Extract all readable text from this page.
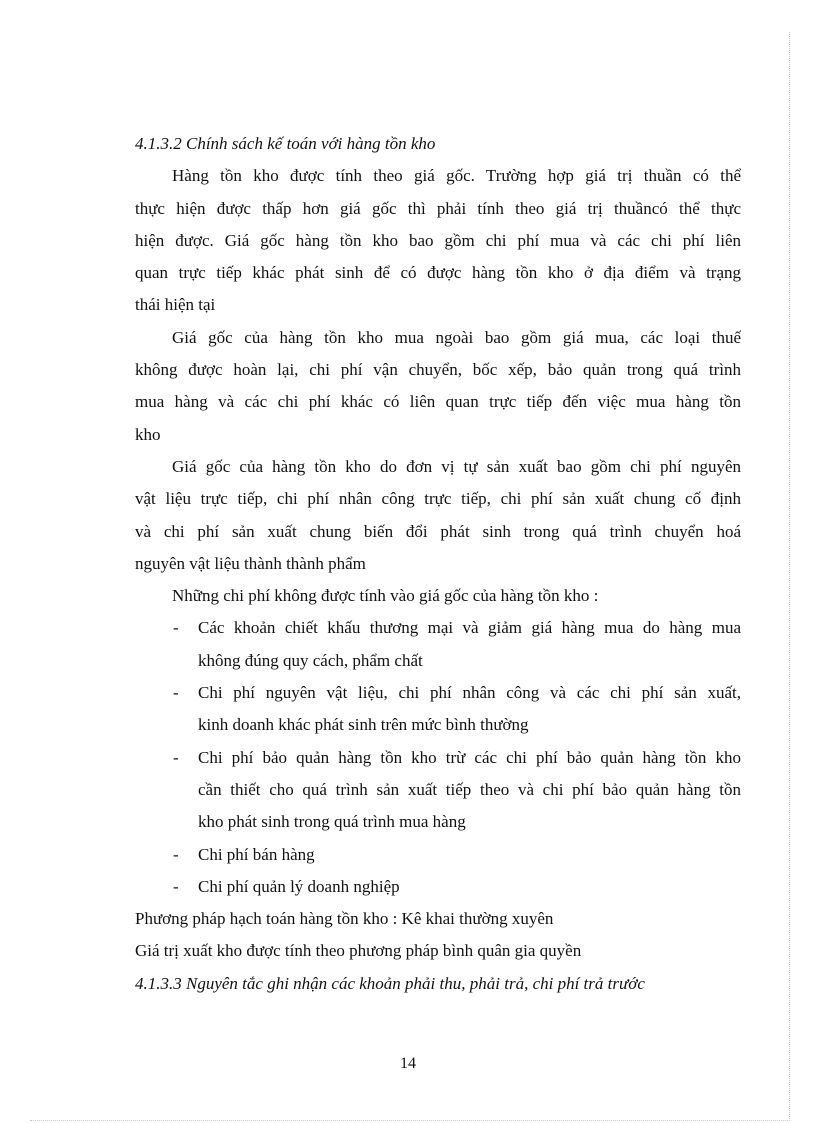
4.1.3.2 Chính sách kế toán với hàng tồn kho
Hàng tồn kho được tính theo giá gốc. Trường hợp giá trị thuần có thể
thực hiện được thấp hơn giá gốc thì phải tính theo giá trị thuầncó thể thực
hiện được. Giá gốc hàng tồn kho bao gồm chi phí mua và các chi phí liên
quan trực tiếp khác phát sinh để có được hàng tồn kho ở địa điểm và trạng
thái hiện tại
Giá gốc của hàng tồn kho mua ngoài bao gồm giá mua, các loại thuế
không được hoàn lại, chi phí vận chuyển, bốc xếp, bảo quản trong quá trình
mua hàng và các chi phí khác có liên quan trực tiếp đến việc mua hàng tồn
kho
Giá gốc của hàng tồn kho do đơn vị tự sản xuất bao gồm chi phí nguyên
vật liệu trực tiếp, chi phí nhân công trực tiếp, chi phí sản xuất chung cố định
và chi phí sản xuất chung biến đổi phát sinh trong quá trình chuyển hoá
nguyên vật liệu thành thành phẩm
Những chi phí không được tính vào giá gốc của hàng tồn kho :
- Các khoản chiết khấu thương mại và giảm giá hàng mua do hàng mua
không đúng quy cách, phẩm chất
- Chi phí nguyên vật liệu, chi phí nhân công và các chi phí sản xuất,
kinh doanh khác phát sinh trên mức bình thường
- Chi phí bảo quản hàng tồn kho trừ các chi phí bảo quản hàng tồn kho
cần thiết cho quá trình sản xuất tiếp theo và chi phí bảo quản hàng tồn
kho phát sinh trong quá trình mua hàng
- Chi phí bán hàng
- Chi phí quản lý doanh nghiệp
Phương pháp hạch toán hàng tồn kho : Kê khai thường xuyên
Giá trị xuất kho được tính theo phương pháp bình quân gia quyền
4.1.3.3 Nguyên tắc ghi nhận các khoản phải thu, phải trả, chi phí trả trước
14
